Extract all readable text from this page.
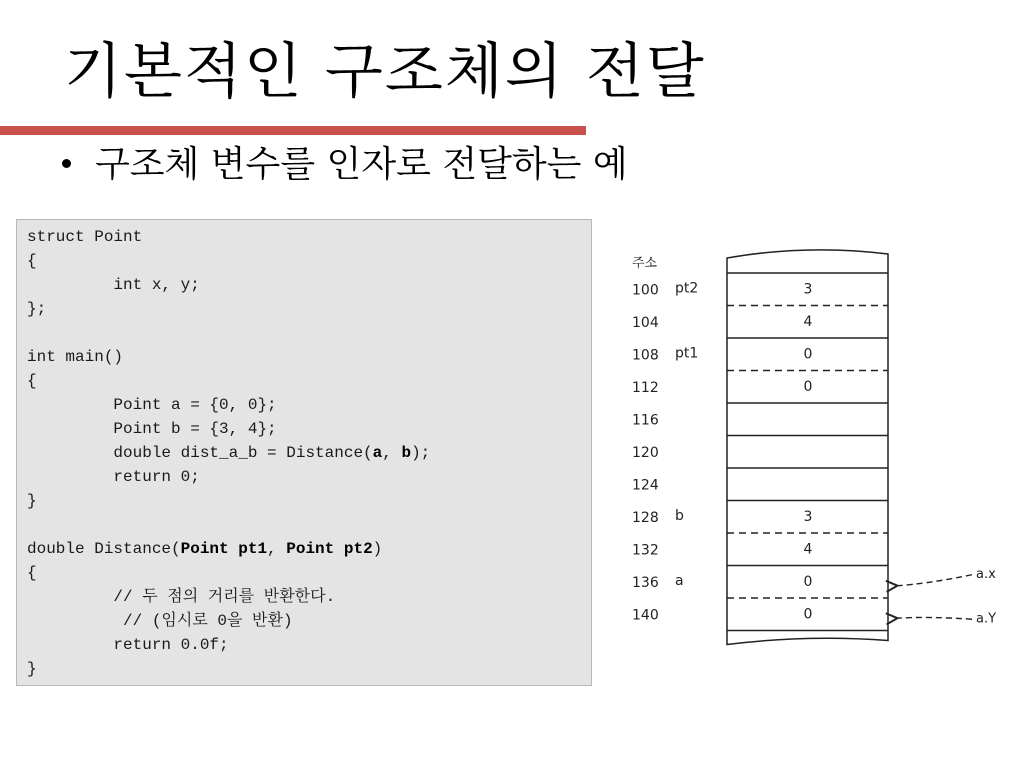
기본적인 구조체의 전달
구조체 변수를 인자로 전달하는 예
struct Point
{
int x, y;
};
int main()
{
Point a = {0, 0};
Point b = {3, 4};
double dist_a_b = Distance(a, b);
return 0;
}
double Distance(Point pt1, Point pt2)
{
// 두 점의 거리를 반환한다.
// (임시로 0을 반환)
return 0.0f;
}
주소
100 pt2	3
104	4
108 pt1	0
112	0
116
120
124
128 b	3
132	4
136 a	0
140	0
a.x
a.Y
